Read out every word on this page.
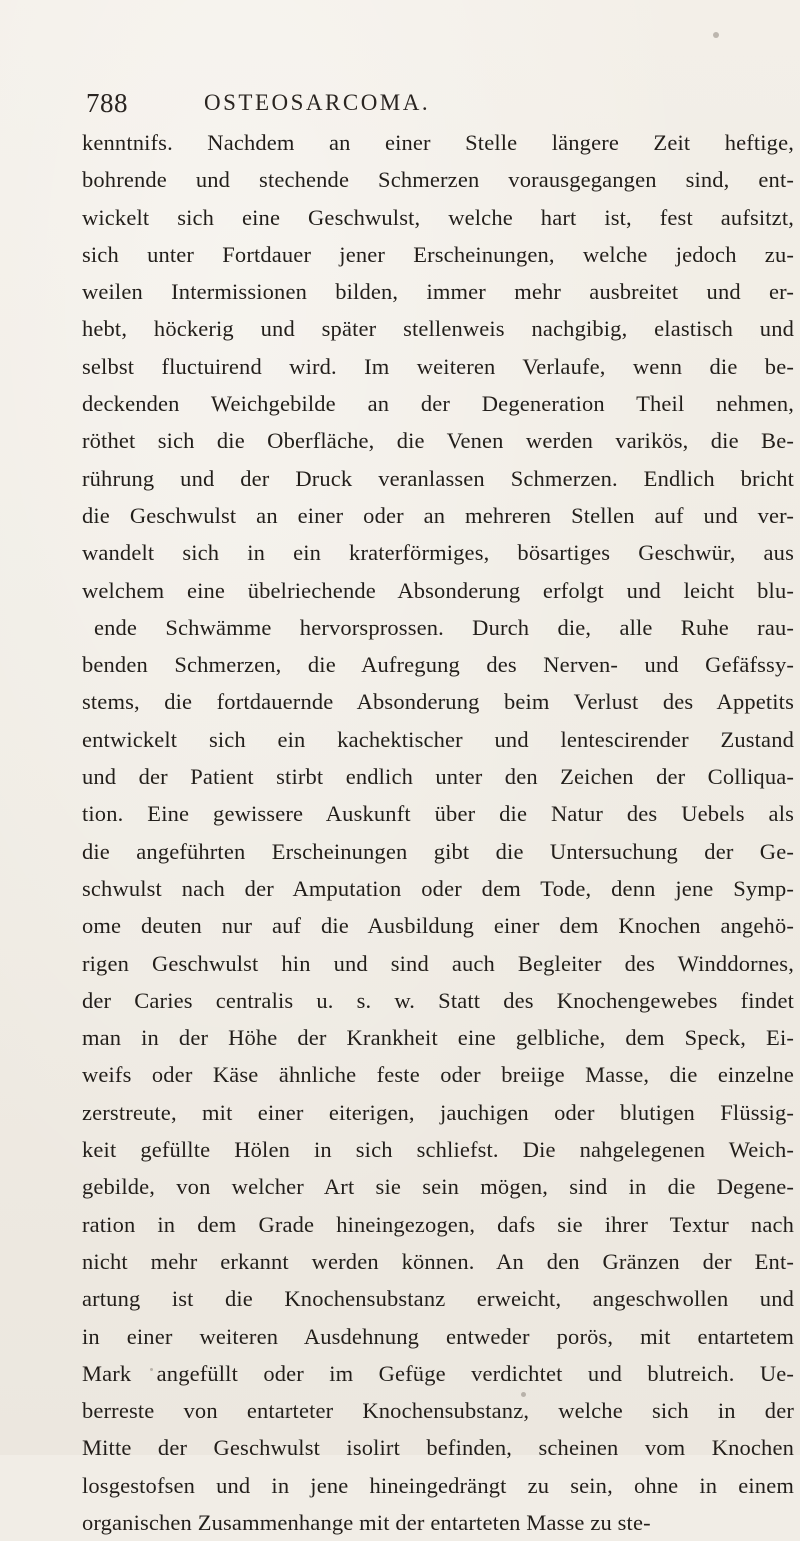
788	OSTEOSARCOMA.
kenntnifs. Nachdem an einer Stelle längere Zeit heftige,
bohrende und stechende Schmerzen vorausgegangen sind, ent-
wickelt sich eine Geschwulst, welche hart ist, fest aufsitzt,
sich unter Fortdauer jener Erscheinungen, welche jedoch zu-
weilen Intermissionen bilden, immer mehr ausbreitet und er-
hebt, höckerig und später stellenweis nachgibig, elastisch und
selbst fluctuirend wird. Im weiteren Verlaufe, wenn die be-
deckenden Weichgebilde an der Degeneration Theil nehmen,
röthet sich die Oberfläche, die Venen werden varikös, die Be-
rührung und der Druck veranlassen Schmerzen. Endlich bricht
die Geschwulst an einer oder an mehreren Stellen auf und ver-
wandelt sich in ein kraterförmiges, bösartiges Geschwür, aus
welchem eine übelriechende Absonderung erfolgt und leicht blu-
ende Schwämme hervorsprossen. Durch die, alle Ruhe rau-
benden Schmerzen, die Aufregung des Nerven- und Gefäfssy-
stems, die fortdauernde Absonderung beim Verlust des Appetits
entwickelt sich ein kachektischer und lentescirender Zustand
und der Patient stirbt endlich unter den Zeichen der Colliqua-
tion. Eine gewissere Auskunft über die Natur des Uebels als
die angeführten Erscheinungen gibt die Untersuchung der Ge-
schwulst nach der Amputation oder dem Tode, denn jene Symp-
ome deuten nur auf die Ausbildung einer dem Knochen angehö-
rigen Geschwulst hin und sind auch Begleiter des Winddornes,
der Caries centralis u. s. w. Statt des Knochengewebes findet
man in der Höhe der Krankheit eine gelbliche, dem Speck, Ei-
weifs oder Käse ähnliche feste oder breiige Masse, die einzelne
zerstreute, mit einer eiterigen, jauchigen oder blutigen Flüssig-
keit gefüllte Hölen in sich schliefst. Die nahgelegenen Weich-
gebilde, von welcher Art sie sein mögen, sind in die Degene-
ration in dem Grade hineingezogen, dafs sie ihrer Textur nach
nicht mehr erkannt werden können. An den Gränzen der Ent-
artung ist die Knochensubstanz erweicht, angeschwollen und
in einer weiteren Ausdehnung entweder porös, mit entartetem
Mark angefüllt oder im Gefüge verdichtet und blutreich. Ue-
berreste von entarteter Knochensubstanz, welche sich in der
Mitte der Geschwulst isolirt befinden, scheinen vom Knochen
losgestofsen und in jene hineingedrängt zu sein, ohne in einem
organischen Zusammenhange mit der entarteten Masse zu ste-
